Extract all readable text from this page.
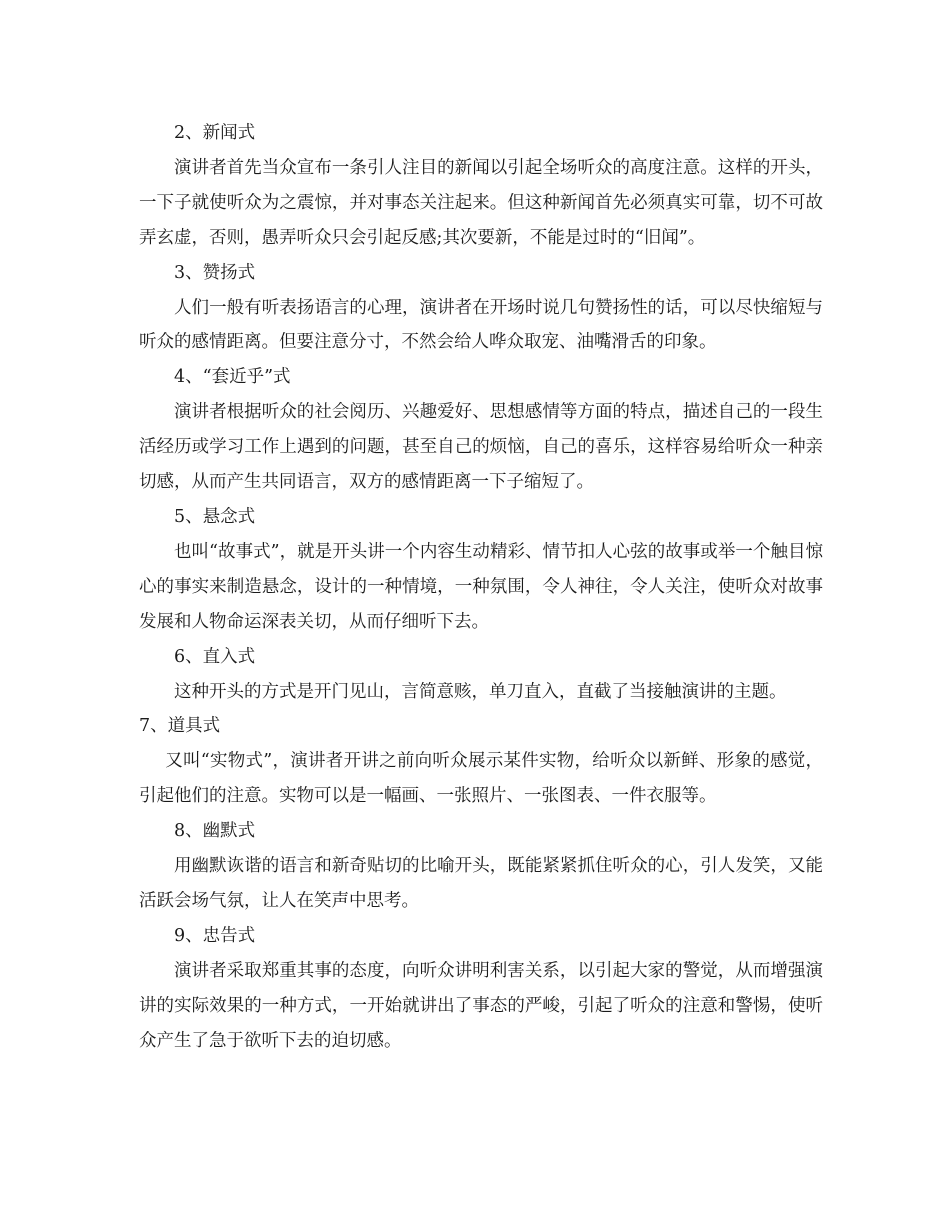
2、新闻式

演讲者首先当众宣布一条引人注目的新闻以引起全场听众的高度注意。这样的开头，一下子就使听众为之震惊，并对事态关注起来。但这种新闻首先必须真实可靠，切不可故弄玄虚，否则，愚弄听众只会引起反感;其次要新，不能是过时的“旧闻”。

3、赞扬式

人们一般有听表扬语言的心理，演讲者在开场时说几句赞扬性的话，可以尽快缩短与听众的感情距离。但要注意分寸，不然会给人哗众取宠、油嘴滑舌的印象。

4、“套近乎”式

演讲者根据听众的社会阅历、兴趣爱好、思想感情等方面的特点，描述自己的一段生活经历或学习工作上遇到的问题，甚至自己的烦恼，自己的喜乐，这样容易给听众一种亲切感，从而产生共同语言，双方的感情距离一下子缩短了。

5、悬念式

也叫“故事式”，就是开头讲一个内容生动精彩、情节扣人心弦的故事或举一个触目惊心的事实来制造悬念，设计的一种情境，一种氛围，令人神往，令人关注，使听众对故事发展和人物命运深表关切，从而仔细听下去。

6、直入式

这种开头的方式是开门见山，言简意赅，单刀直入，直截了当接触演讲的主题。

7、道具式

又叫“实物式”，演讲者开讲之前向听众展示某件实物，给听众以新鲜、形象的感觉，引起他们的注意。实物可以是一幅画、一张照片、一张图表、一件衣服等。

8、幽默式

用幽默诙谐的语言和新奇贴切的比喻开头，既能紧紧抓住听众的心，引人发笑，又能活跃会场气氛，让人在笑声中思考。

9、忠告式

演讲者采取郑重其事的态度，向听众讲明利害关系，以引起大家的警觉，从而增强演讲的实际效果的一种方式，一开始就讲出了事态的严峻，引起了听众的注意和警惕，使听众产生了急于欲听下去的迫切感。
